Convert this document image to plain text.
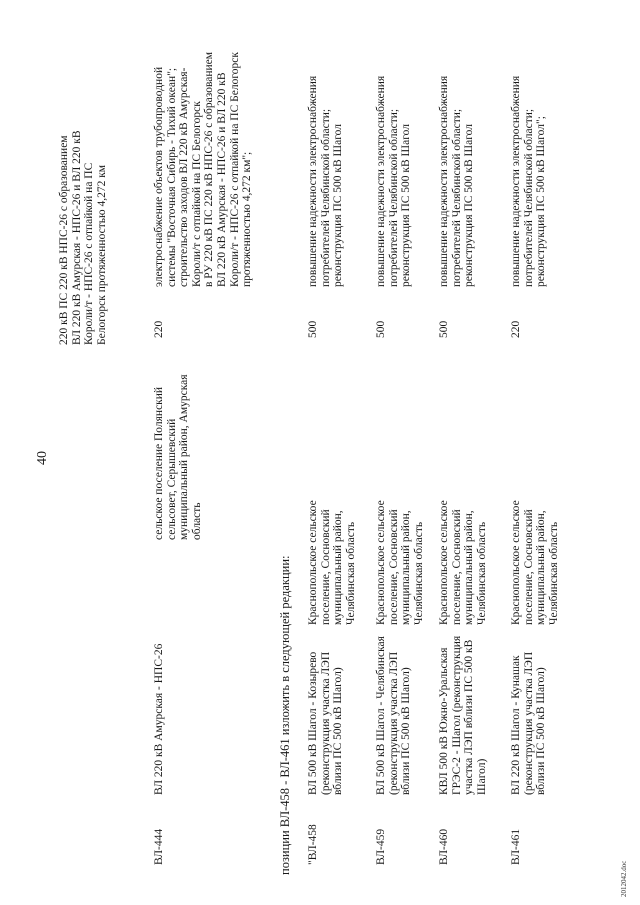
40
220 кВ ПС 220 кВ НПС-26 с образованием ВЛ 220 кВ Амурская - НПС-26 и ВЛ 220 кВ Короли/т - НПС-26 с отпайкой на ПС Белогорск протяженностью 4,272 км
ВЛ-444
ВЛ 220 кВ Амурская - НПС-26
сельское поселение Полянский сельсовет, Серышевский муниципальный район, Амурская область
220
электроснабжение объектов трубопроводной системы "Восточная Сибирь - Тихий океан"; строительство заходов ВЛ 220 кВ Амурская- Короли/т с отпайкой на ПС Белогорск в РУ 220 кВ ПС 220 кВ НПС-26 с образованием ВЛ 220 кВ Амурская - НПС-26 и ВЛ 220 кВ Короли/т - НПС-26 с отпайкой на ПС Белогорск протяженностью 4,272 км";
позиции ВЛ-458 - ВЛ-461 изложить в следующей редакции: "ВЛ-458
ВЛ 500 кВ Шагол - Козырево (реконструкция участка ЛЭП вблизи ПС 500 кВ Шагол)
Краснопольское сельское поселение, Сосновский муниципальный район, Челябинская область
500
повышение надежности электроснабжения потребителей Челябинской области; реконструкция ПС 500 кВ Шагол
ВЛ-459
ВЛ 500 кВ Шагол - Челябинская (реконструкция участка ЛЭП вблизи ПС 500 кВ Шагол)
Краснопольское сельское поселение, Сосновский муниципальный район, Челябинская область
500
повышение надежности электроснабжения потребителей Челябинской области; реконструкция ПС 500 кВ Шагол
ВЛ-460
КВЛ 500 кВ Южно-Уральская ГРЭС-2 - Шагол (реконструкция участка ЛЭП вблизи ПС 500 кВ Шагол)
Краснопольское сельское поселение, Сосновский муниципальный район, Челябинская область
500
повышение надежности электроснабжения потребителей Челябинской области; реконструкция ПС 500 кВ Шагол
ВЛ-461
ВЛ 220 кВ Шагол - Кунашак (реконструкция участка ЛЭП вблизи ПС 500 кВ Шагол)
Краснопольское сельское поселение, Сосновский муниципальный район, Челябинская область
220
повышение надежности электроснабжения потребителей Челябинской области; реконструкция ПС 500 кВ Шагол";
2012042.doc
